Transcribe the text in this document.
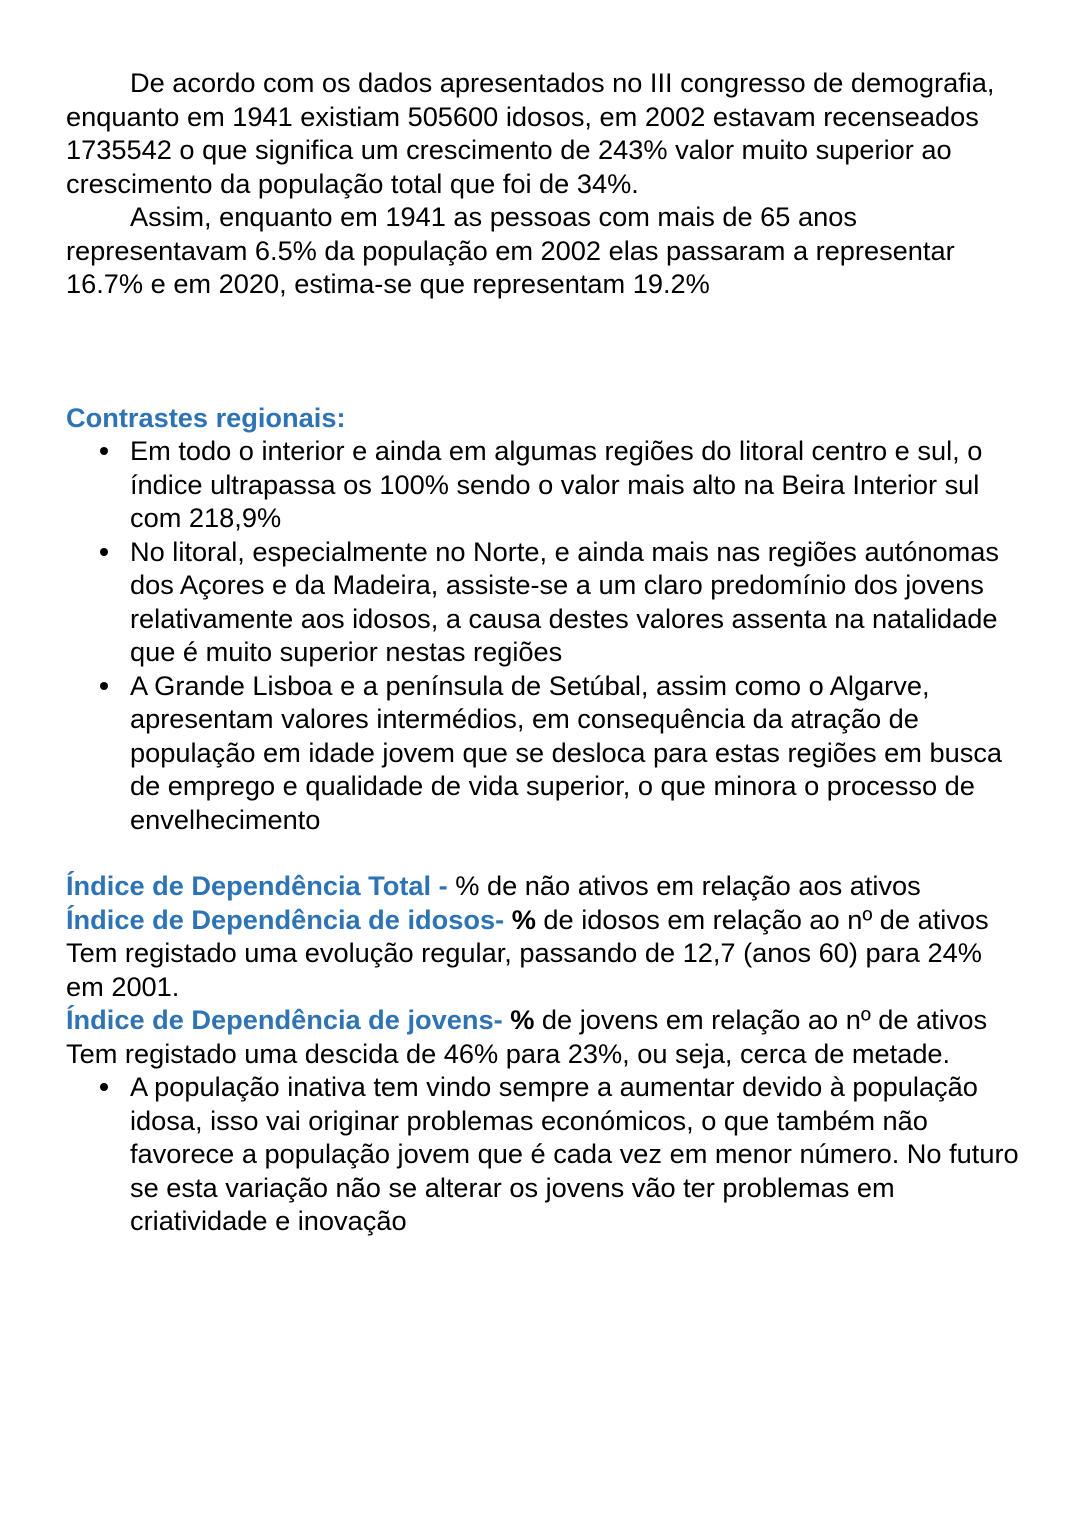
De acordo com os dados apresentados no III congresso de demografia, enquanto em 1941 existiam 505600 idosos, em 2002 estavam recenseados 1735542 o que significa um crescimento de 243% valor muito superior ao crescimento da população total que foi de 34%.

Assim, enquanto em 1941 as pessoas com mais de 65 anos representavam 6.5% da população em 2002 elas passaram a representar 16.7% e em 2020, estima-se que representam 19.2%

Contrastes regionais:

Em todo o interior e ainda em algumas regiões do litoral centro e sul, o índice ultrapassa os 100% sendo o valor mais alto na Beira Interior sul com 218,9%
No litoral, especialmente no Norte, e ainda mais nas regiões autónomas dos Açores e da Madeira, assiste-se a um claro predomínio dos jovens relativamente aos idosos, a causa destes valores assenta na natalidade que é muito superior nestas regiões
A Grande Lisboa e a península de Setúbal, assim como o Algarve, apresentam valores intermédios, em consequência da atração de população em idade jovem que se desloca para estas regiões em busca de emprego e qualidade de vida superior, o que minora o processo de envelhecimento

Índice de Dependência Total - % de não ativos em relação aos ativos

Índice de Dependência de idosos- % de idosos em relação ao nº de ativos

Tem registado uma evolução regular, passando de 12,7 (anos 60) para 24% em 2001.

Índice de Dependência de jovens- % de jovens em relação ao nº de ativos

Tem registado uma descida de 46% para 23%, ou seja, cerca de metade.

A população inativa tem vindo sempre a aumentar devido à população idosa, isso vai originar problemas económicos, o que também não favorece a população jovem que é cada vez em menor número. No futuro se esta variação não se alterar os jovens vão ter problemas em criatividade e inovação
